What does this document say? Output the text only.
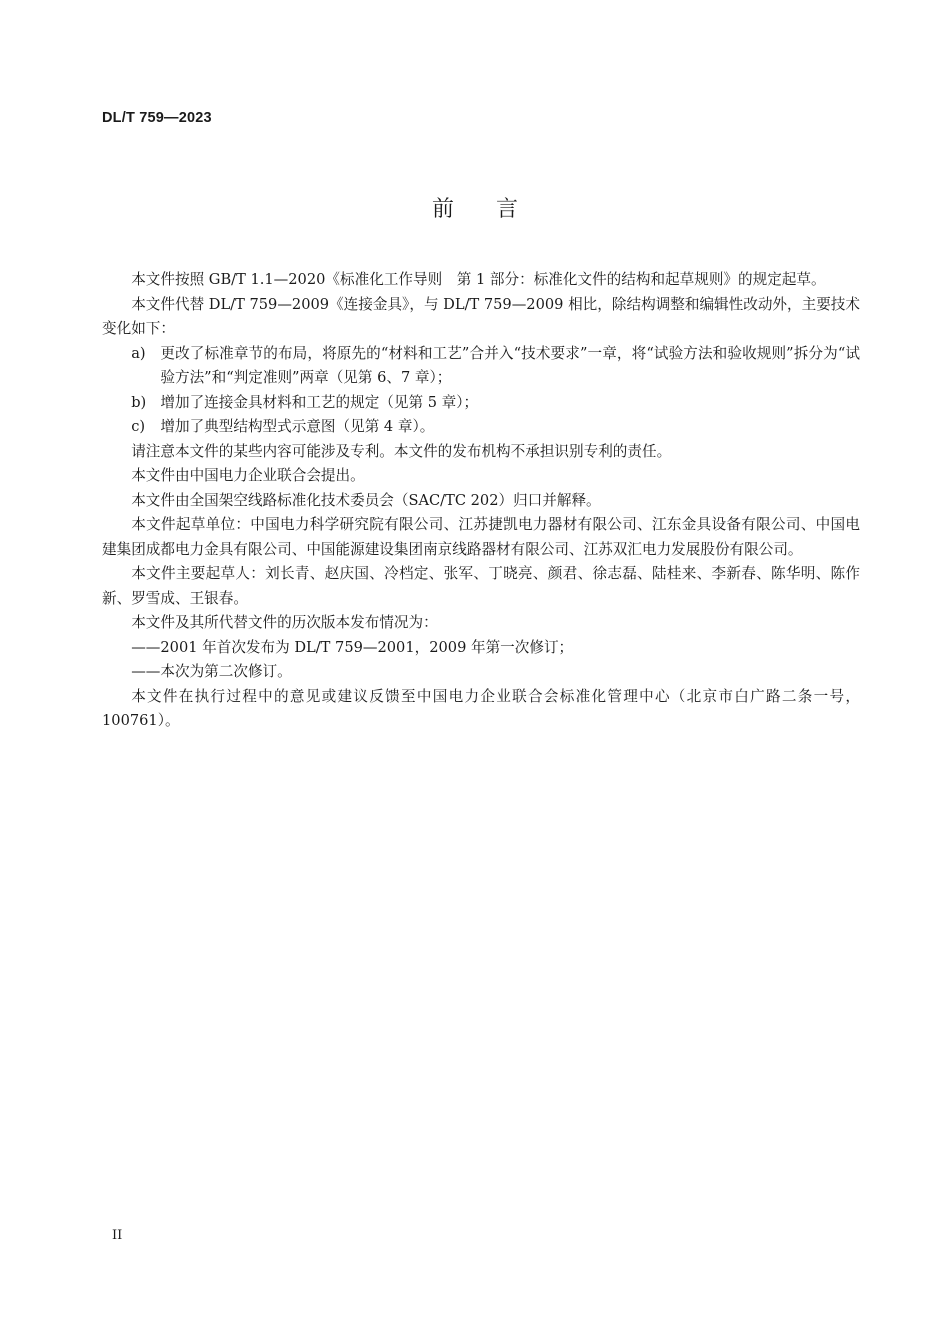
DL/T 759—2023
前言

本文件按照 GB/T 1.1—2020《标准化工作导则　第 1 部分：标准化文件的结构和起草规则》的规定起草。

本文件代替 DL/T 759—2009《连接金具》，与 DL/T 759—2009 相比，除结构调整和编辑性改动外，主要技术变化如下：

a)	更改了标准章节的布局，将原先的“材料和工艺”合并入“技术要求”一章，将“试验方法和验收规则”拆分为“试验方法”和“判定准则”两章（见第 6、7 章）；
b) 增加了连接金具材料和工艺的规定（见第 5 章）；
c)	增加了典型结构型式示意图（见第 4 章）。

请注意本文件的某些内容可能涉及专利。本文件的发布机构不承担识别专利的责任。

本文件由中国电力企业联合会提出。

本文件由全国架空线路标准化技术委员会（SAC/TC 202）归口并解释。

本文件起草单位：中国电力科学研究院有限公司、江苏捷凯电力器材有限公司、江东金具设备有限公司、中国电建集团成都电力金具有限公司、中国能源建设集团南京线路器材有限公司、江苏双汇电力发展股份有限公司。

本文件主要起草人：刘长青、赵庆国、冷档定、张军、丁晓亮、颜君、徐志磊、陆桂来、李新春、陈华明、陈作新、罗雪成、王银春。

本文件及其所代替文件的历次版本发布情况为：

——2001 年首次发布为 DL/T 759—2001，2009 年第一次修订；

——本次为第二次修订。

本文件在执行过程中的意见或建议反馈至中国电力企业联合会标准化管理中心（北京市白广路二条一号，100761）。

II
